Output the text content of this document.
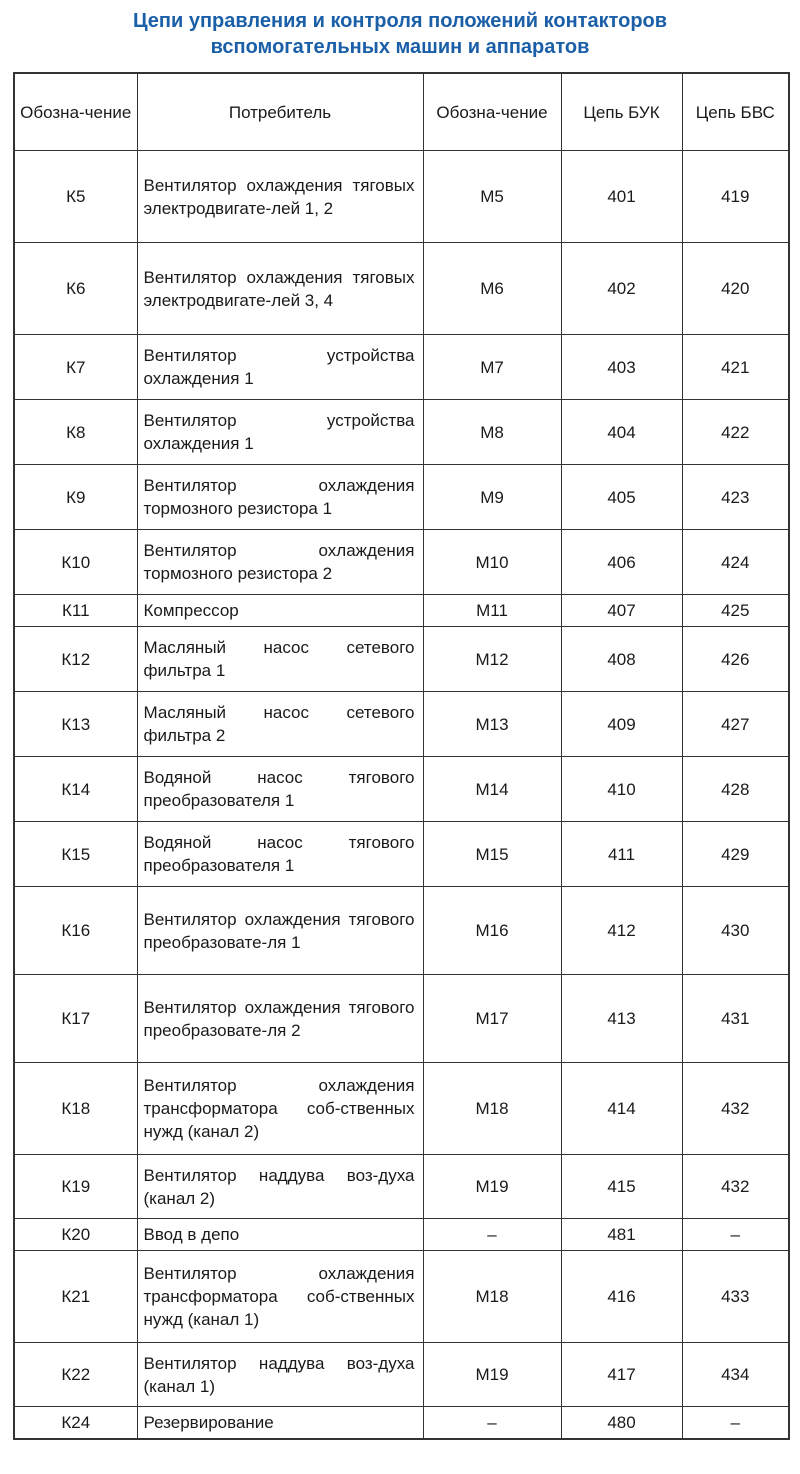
Цепи управления и контроля положений контакторов
вспомогательных машин и аппаратов
Обозна-чение	Потребитель	Обозна-чение	Цепь БУК	Цепь БВС
К5	Вентилятор охлаждения тяговых электродвигате-лей 1, 2	М5	401	419
К6	Вентилятор охлаждения тяговых электродвигате-лей 3, 4	М6	402	420
К7	Вентилятор устройства охлаждения 1	М7	403	421
К8	Вентилятор устройства охлаждения 1	М8	404	422
К9	Вентилятор охлаждения тормозного резистора 1	М9	405	423
К10	Вентилятор охлаждения тормозного резистора 2	М10	406	424
К11	Компрессор	М11	407	425
К12	Масляный насос сетевого фильтра 1	М12	408	426
К13	Масляный насос сетевого фильтра 2	М13	409	427
К14	Водяной насос тягового преобразователя 1	М14	410	428
К15	Водяной насос тягового преобразователя 1	М15	411	429
К16	Вентилятор охлаждения тягового преобразовате-ля 1	М16	412	430
К17	Вентилятор охлаждения тягового преобразовате-ля 2	М17	413	431
К18	Вентилятор охлаждения трансформатора соб-ственных нужд (канал 2)	М18	414	432
К19	Вентилятор наддува воз-духа (канал 2)	М19	415	432
К20	Ввод в депо	–	481	–
К21	Вентилятор охлаждения трансформатора соб-ственных нужд (канал 1)	М18	416	433
К22	Вентилятор наддува воз-духа (канал 1)	М19	417	434
К24	Резервирование	–	480	–
